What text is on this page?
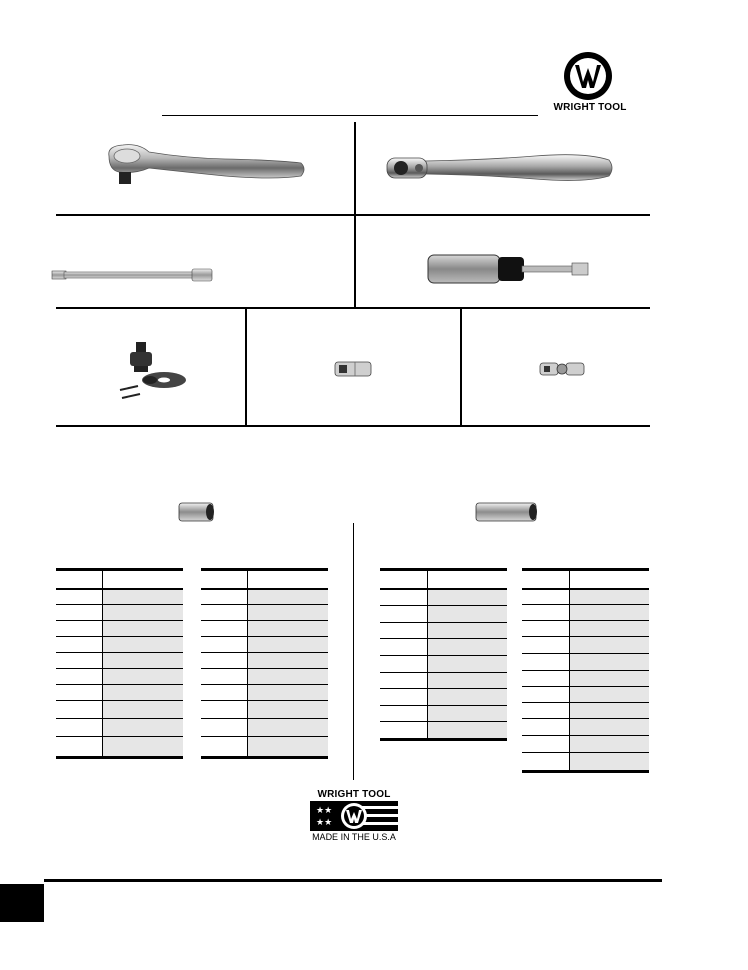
WRIGHT TOOL
WRIGHT TOOL
★★
★★
MADE IN THE U.S.A
